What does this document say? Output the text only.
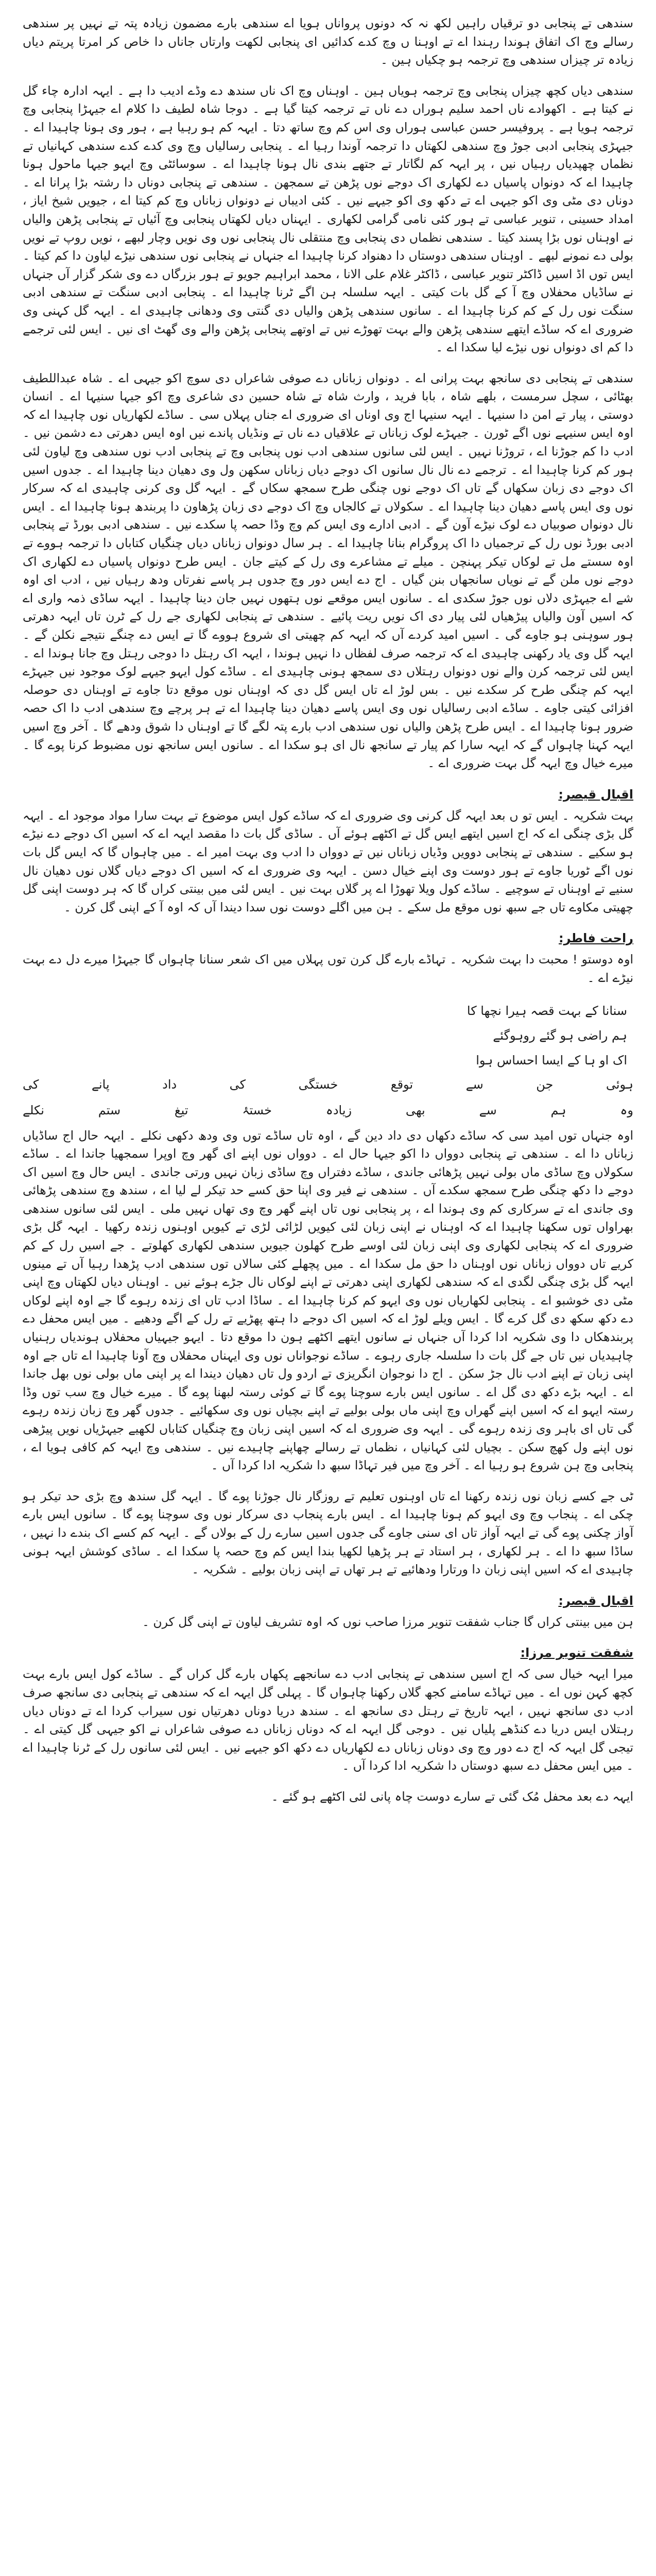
سندھی تے پنجابی دو ترقیاں راہیں لکھ نہ کہ دونوں پرواناں ہویا اے سندھی بارے مضمون زیادہ پتہ تے نہیں پر سندھی رسالے وچ اک اتفاق ہوندا رہندا اے تے اوہنا ں وچ کدے کدائیں ای پنجابی لکھت وارتاں جاناں دا خاص کر امرتا پریتم دیاں زیادہ تر چیزاں سندھی وچ ترجمہ ہو چکیاں ہین ۔

سندھی دیاں کچھ چیزاں پنجابی وچ ترجمہ ہویاں ہین ۔ اوہناں وچ اک ناں سندھ دے وڈے ادیب دا ہے ۔ ایہہ ادارہ چاء گل نے کیتا ہے ۔ اکھوادے ناں احمد سلیم ہوراں دے ناں تے ترجمہ کیتا گیا ہے ۔ دوجا شاہ لطیف دا کلام اے جیہڑا پنجابی وچ ترجمہ ہویا ہے ۔ پروفیسر حسن عباسی ہوراں وی اس کم وچ ساتھ دتا ۔ ایہہ کم ہو رہیا ہے ، ہور وی ہونا چاہیدا اے ۔ جیہڑی پنجابی ادبی جوڑ وچ سندھی لکھتاں دا ترجمہ آوندا رہیا اے ۔ پنجابی رسالیاں وچ وی کدے کدے سندھی کہانیاں تے نظماں چھپدیاں رہیاں نیں ، پر ایہہ کم لگاتار تے جتھے بندی نال ہونا چاہیدا اے ۔ سوسائٹی وچ ایہو جیہا ماحول ہونا چاہیدا اے کہ دونواں پاسیاں دے لکھاری اک دوجے نوں پڑھن تے سمجھن ۔ سندھی تے پنجابی دوناں دا رشتہ بڑا پرانا اے ۔ دوناں دی مٹی وی اکو جیہی اے تے دکھ وی اکو جیہے نیں ۔ کئی ادیباں نے دونواں زباناں وچ کم کیتا اے ، جیویں شیخ ایاز ، امداد حسینی ، تنویر عباسی تے ہور کئی نامی گرامی لکھاری ۔ ایہناں دیاں لکھتاں پنجابی وچ آئیاں تے پنجابی پڑھن والیاں نے اوہناں نوں بڑا پسند کیتا ۔ سندھی نظماں دی پنجابی وچ منتقلی نال پنجابی نوں وی نویں وچار لبھے ، نویں روپ تے نویں بولی دے نمونے لبھے ۔ اوہناں سندھی دوستاں دا دھنواد کرنا چاہیدا اے جنہاں نے پنجابی نوں سندھی نیڑے لیاون دا کم کیتا ۔ ایس توں اڈ اسیں ڈاکٹر تنویر عباسی ، ڈاکٹر غلام علی الانا ، محمد ابراہیم جویو تے ہور بزرگاں دے وی شکر گزار آں جنہاں نے ساڈیاں محفلاں وچ آ کے گل بات کیتی ۔ ایہہ سلسلہ ہن اگے ٹرنا چاہیدا اے ۔ پنجابی ادبی سنگت تے سندھی ادبی سنگت نوں رل کے کم کرنا چاہیدا اے ۔ سانوں سندھی پڑھن والیاں دی گنتی وی ودھانی چاہیدی اے ۔ ایہہ گل کہنی وی ضروری اے کہ ساڈے ایتھے سندھی پڑھن والے بہت تھوڑے نیں تے اوتھے پنجابی پڑھن والے وی گھٹ ای نیں ۔ ایس لئی ترجمے دا کم ای دونواں نوں نیڑے لیا سکدا اے ۔

سندھی تے پنجابی دی سانجھ بہت پرانی اے ۔ دونواں زباناں دے صوفی شاعراں دی سوچ اکو جیہی اے ۔ شاہ عبداللطیف بھٹائی ، سچل سرمست ، بلھے شاہ ، بابا فرید ، وارث شاہ تے شاہ حسین دی شاعری وچ اکو جیہا سنیہا اے ۔ انسان دوستی ، پیار تے امن دا سنیہا ۔ ایہہ سنیہا اج وی اوناں ای ضروری اے جناں پہلاں سی ۔ ساڈے لکھاریاں نوں چاہیدا اے کہ اوہ ایس سنیہے نوں اگے ٹورن ۔ جیہڑے لوک زباناں تے علاقیاں دے ناں تے ونڈیاں پاندے نیں اوہ ایس دھرتی دے دشمن نیں ۔ ادب دا کم جوڑنا اے ، تروڑنا نہیں ۔ ایس لئی سانوں سندھی ادب نوں پنجابی وچ تے پنجابی ادب نوں سندھی وچ لیاون لئی ہور کم کرنا چاہیدا اے ۔ ترجمے دے نال نال سانوں اک دوجے دیاں زباناں سکھن ول وی دھیان دینا چاہیدا اے ۔ جدوں اسیں اک دوجے دی زبان سکھاں گے تاں اک دوجے نوں چنگی طرح سمجھ سکاں گے ۔ ایہہ گل وی کرنی چاہیدی اے کہ سرکار نوں وی ایس پاسے دھیان دینا چاہیدا اے ۔ سکولاں تے کالجاں وچ اک دوجے دی زبان پڑھاون دا پربندھ ہونا چاہیدا اے ۔ ایس نال دونواں صوبیاں دے لوک نیڑے آون گے ۔ ادبی ادارے وی ایس کم وچ وڈا حصہ پا سکدے نیں ۔ سندھی ادبی بورڈ تے پنجابی ادبی بورڈ نوں رل کے ترجمیاں دا اک پروگرام بنانا چاہیدا اے ۔ ہر سال دونواں زباناں دیاں چنگیاں کتاباں دا ترجمہ ہووے تے اوہ سستے مل تے لوکاں تیکر پہنچن ۔ میلے تے مشاعرے وی رل کے کیتے جان ۔ ایس طرح دونواں پاسیاں دے لکھاری اک دوجے نوں ملن گے تے نویاں سانجھاں بنن گیاں ۔ اج دے ایس دور وچ جدوں ہر پاسے نفرتاں ودھ رہیاں نیں ، ادب ای اوہ شے اے جیہڑی دلاں نوں جوڑ سکدی اے ۔ سانوں ایس موقعے نوں ہتھوں نہیں جان دینا چاہیدا ۔ ایہہ ساڈی ذمہ واری اے کہ اسیں آون والیاں پیڑھیاں لئی پیار دی اک نویں ریت پائیے ۔ سندھی تے پنجابی لکھاری جے رل کے ٹرن تاں ایہہ دھرتی ہور سوہنی ہو جاوے گی ۔ اسیں امید کردے آں کہ ایہہ کم چھیتی ای شروع ہووے گا تے ایس دے چنگے نتیجے نکلن گے ۔ ایہہ گل وی یاد رکھنی چاہیدی اے کہ ترجمہ صرف لفظاں دا نہیں ہوندا ، ایہہ اک رہتل دا دوجی رہتل وچ جانا ہوندا اے ۔ ایس لئی ترجمہ کرن والے نوں دونواں رہتلاں دی سمجھ ہونی چاہیدی اے ۔ ساڈے کول ایہو جیہے لوک موجود نیں جیہڑے ایہہ کم چنگی طرح کر سکدے نیں ۔ بس لوڑ اے تاں ایس گل دی کہ اوہناں نوں موقع دتا جاوے تے اوہناں دی حوصلہ افزائی کیتی جاوے ۔ ساڈے ادبی رسالیاں نوں وی ایس پاسے دھیان دینا چاہیدا اے تے ہر پرچے وچ سندھی ادب دا اک حصہ ضرور ہونا چاہیدا اے ۔ ایس طرح پڑھن والیاں نوں سندھی ادب بارے پتہ لگے گا تے اوہناں دا شوق ودھے گا ۔ آخر وچ اسیں ایہہ کہنا چاہواں گے کہ ایہہ سارا کم پیار تے سانجھ نال ای ہو سکدا اے ۔ سانوں ایس سانجھ نوں مضبوط کرنا پوے گا ۔ میرے خیال وچ ایہہ گل بہت ضروری اے ۔

اقبال قیصر:

بہت شکریہ ۔ ایس تو ں بعد ایہہ گل کرنی وی ضروری اے کہ ساڈے کول ایس موضوع تے بہت سارا مواد موجود اے ۔ ایہہ گل بڑی چنگی اے کہ اج اسیں ایتھے ایس گل تے اکٹھے ہوئے آں ۔ ساڈی گل بات دا مقصد ایہہ اے کہ اسیں اک دوجے دے نیڑے ہو سکیے ۔ سندھی تے پنجابی دوویں وڈیاں زباناں نیں تے دوواں دا ادب وی بہت امیر اے ۔ میں چاہواں گا کہ ایس گل بات نوں اگے ٹوریا جاوے تے ہور دوست وی اپنے خیال دسن ۔ ایہہ وی ضروری اے کہ اسیں اک دوجے دیاں گلاں نوں دھیان نال سنیے تے اوہناں تے سوچیے ۔ ساڈے کول ویلا تھوڑا اے پر گلاں بہت نیں ۔ ایس لئی میں بینتی کراں گا کہ ہر دوست اپنی گل چھیتی مکاوے تاں جے سبھ نوں موقع مل سکے ۔ ہن میں اگلے دوست نوں سدا دیندا آں کہ اوہ آ کے اپنی گل کرن ۔

راحت فاطر:

اوہ دوستو ! محبت دا بہت شکریہ ۔ تہاڈے بارے گل کرن توں پہلاں میں اک شعر سنانا چاہواں گا جیہڑا میرے دل دے بہت نیڑے اے ۔

سنانا کے بہت قصہ ہیرا نچھا کا

ہم راضی ہو گئے روہوگئے

اک او ہا کے ایسا احساس ہوا

ہوئی جن سے توقع خستگی کی داد پانے کی

وہ ہم سے بھی زیادہ خستۂ تیغ ستم نکلے

اوہ جنہاں توں امید سی کہ ساڈے دکھاں دی داد دین گے ، اوہ تاں ساڈے توں وی ودھ دکھی نکلے ۔ ایہہ حال اج ساڈیاں زباناں دا اے ۔ سندھی تے پنجابی دوواں دا اکو جیہا حال اے ۔ دوواں نوں اپنے ای گھر وچ اوپرا سمجھیا جاندا اے ۔ ساڈے سکولاں وچ ساڈی ماں بولی نہیں پڑھائی جاندی ، ساڈے دفتراں وچ ساڈی زبان نہیں ورتی جاندی ۔ ایس حال وچ اسیں اک دوجے دا دکھ چنگی طرح سمجھ سکدے آں ۔ سندھی نے فیر وی اپنا حق کسے حد تیکر لے لیا اے ، سندھ وچ سندھی پڑھائی وی جاندی اے تے سرکاری کم وی ہوندا اے ، پر پنجابی نوں تاں اپنے گھر وچ وی تھاں نہیں ملی ۔ ایس لئی سانوں سندھی بھراواں توں سکھنا چاہیدا اے کہ اوہناں نے اپنی زبان لئی کیویں لڑائی لڑی تے کیویں اوہنوں زندہ رکھیا ۔ ایہہ گل بڑی ضروری اے کہ پنجابی لکھاری وی اپنی زبان لئی اوسے طرح کھلون جیویں سندھی لکھاری کھلوتے ۔ جے اسیں رل کے کم کریے تاں دوواں زباناں نوں اوہناں دا حق مل سکدا اے ۔ میں پچھلے کئی سالاں توں سندھی ادب پڑھدا رہیا آں تے مینوں ایہہ گل بڑی چنگی لگدی اے کہ سندھی لکھاری اپنی دھرتی تے اپنے لوکاں نال جڑے ہوئے نیں ۔ اوہناں دیاں لکھتاں وچ اپنی مٹی دی خوشبو اے ۔ پنجابی لکھاریاں نوں وی ایہو کم کرنا چاہیدا اے ۔ ساڈا ادب تاں ای زندہ رہوے گا جے اوہ اپنے لوکاں دے دکھ سکھ دی گل کرے گا ۔ ایس ویلے لوڑ اے کہ اسیں اک دوجے دا ہتھ پھڑیے تے رل کے اگے ودھیے ۔ میں ایس محفل دے پربندھکاں دا وی شکریہ ادا کردا آں جنہاں نے سانوں ایتھے اکٹھے ہون دا موقع دتا ۔ ایہو جیہیاں محفلاں ہوندیاں رہنیاں چاہیدیاں نیں تاں جے گل بات دا سلسلہ جاری رہوے ۔ ساڈے نوجواناں نوں وی ایہناں محفلاں وچ آونا چاہیدا اے تاں جے اوہ اپنی زبان تے اپنے ادب نال جڑ سکن ۔ اج دا نوجوان انگریزی تے اردو ول تاں دھیان دیندا اے پر اپنی ماں بولی نوں بھل جاندا اے ۔ ایہہ بڑے دکھ دی گل اے ۔ سانوں ایس بارے سوچنا پوے گا تے کوئی رستہ لبھنا پوے گا ۔ میرے خیال وچ سب توں وڈا رستہ ایہو اے کہ اسیں اپنے گھراں وچ اپنی ماں بولی بولیے تے اپنے بچیاں نوں وی سکھائیے ۔ جدوں گھر وچ زبان زندہ رہوے گی تاں ای باہر وی زندہ رہوے گی ۔ ایہہ وی ضروری اے کہ اسیں اپنی زبان وچ چنگیاں کتاباں لکھیے جیہڑیاں نویں پیڑھی نوں اپنے ول کھچ سکن ۔ بچیاں لئی کہانیاں ، نظماں تے رسالے چھاپنے چاہیدے نیں ۔ سندھی وچ ایہہ کم کافی ہویا اے ، پنجابی وچ ہن شروع ہو رہیا اے ۔ آخر وچ میں فیر تہاڈا سبھ دا شکریہ ادا کردا آں ۔

ٹی جے کسے زبان نوں زندہ رکھنا اے تاں اوہنوں تعلیم تے روزگار نال جوڑنا پوے گا ۔ ایہہ گل سندھ وچ بڑی حد تیکر ہو چکی اے ۔ پنجاب وچ وی ایہو کم ہونا چاہیدا اے ۔ ایس بارے پنجاب دی سرکار نوں وی سوچنا پوے گا ۔ سانوں ایس بارے آواز چکنی پوے گی تے ایہہ آواز تاں ای سنی جاوے گی جدوں اسیں سارے رل کے بولاں گے ۔ ایہہ کم کسے اک بندے دا نہیں ، ساڈا سبھ دا اے ۔ ہر لکھاری ، ہر استاد تے ہر پڑھیا لکھیا بندا ایس کم وچ حصہ پا سکدا اے ۔ ساڈی کوشش ایہہ ہونی چاہیدی اے کہ اسیں اپنی زبان دا ورتارا ودھائیے تے ہر تھاں تے اپنی زبان بولیے ۔ شکریہ ۔

اقبال قیصر:

ہن میں بینتی کراں گا جناب شفقت تنویر مرزا صاحب نوں کہ اوہ تشریف لیاون تے اپنی گل کرن ۔

شفقت تنویر مرزا:

میرا ایہہ خیال سی کہ اج اسیں سندھی تے پنجابی ادب دے سانجھے پکھاں بارے گل کراں گے ۔ ساڈے کول ایس بارے بہت کچھ کہن نوں اے ۔ میں تہاڈے سامنے کجھ گلاں رکھنا چاہواں گا ۔ پہلی گل ایہہ اے کہ سندھی تے پنجابی دی سانجھ صرف ادب دی سانجھ نہیں ، ایہہ تاریخ تے رہتل دی سانجھ اے ۔ سندھ دریا دوناں دھرتیاں نوں سیراب کردا اے تے دوناں دیاں رہتلاں ایس دریا دے کنڈھے پلیاں نیں ۔ دوجی گل ایہہ اے کہ دوناں زباناں دے صوفی شاعراں نے اکو جیہی گل کیتی اے ۔ تیجی گل ایہہ کہ اج دے دور وچ وی دوناں زباناں دے لکھاریاں دے دکھ اکو جیہے نیں ۔ ایس لئی سانوں رل کے ٹرنا چاہیدا اے ۔ میں ایس محفل دے سبھ دوستاں دا شکریہ ادا کردا آں ۔

ایہہ دے بعد محفل مُک گئی تے سارے دوست چاہ پانی لئی اکٹھے ہو گئے ۔
